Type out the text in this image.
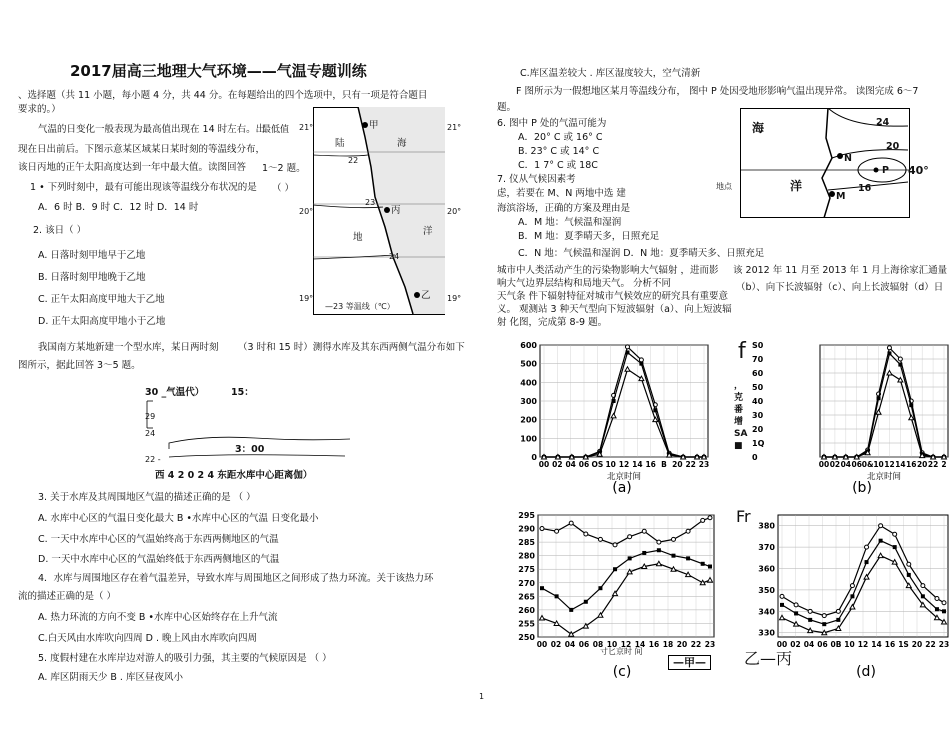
2017届高三地理大气环境——气温专题训练
、选择题（共 11 小题，每小题 4 分，共 44 分。在每题给出的四个选项中，只有一项是符合题目
要求的。）
气温的日变化一般表现为最高值出现在 14 时左右。出
最低值
现在日出前后。下图示意某区域某日某时刻的等温线分布，
该日丙地的正午太阳高度达到一年中最大值。读图回答 1～2 题。
1 • 下列时刻中，最有可能出现该等温线分布状况的是 （ ）
A．6 时 B．9 时 C．12 时 D．14 时
2. 该日（ ）
A. 日落时刻甲地早于乙地
B. 日落时刻甲地晚于乙地
C. 正午太阳高度甲地大于乙地
D. 正午太阳高度甲地小于乙地
我国南方某地新建一个型水库，某日两时刻 （3 时和 15 时）测得水库及其东西两侧气温分布如下
图所示，据此回答 3～5 题。
3. 关于水库及其周围地区气温的描述正确的是 （ ）
A. 水库中心区的气温日变化最大 B •水库中心区的气温 日变化最小
C. 一天中水库中心区的气温始终高于东西两侧地区的气温
D. 一天中水库中心区的气温始终低于东西两侧地区的气温
4．水库与周围地区存在着气温差异，导致水库与周围地区之间形成了热力环流。关于该热力环
流的描述正确的是（ ）
A. 热力环流的方向不变 B •水库中心区始终存在上升气流
C.白天风由水库吹向四周 D . 晚上风由水库吹向四周
5. 度假村建在水库岸边对游人的吸引力强，其主要的气候原因是 （ ）
A. 库区阴雨天少 B . 库区昼夜风小
21°
20°
19°
21°
20°
19°
陆	海
地
洋
甲
丙
乙
22
23
24
—23 等温线（℃）
30 _气温代）	15：
29
24
22 -
3：00
西 4 2 0 2 4 东距水库中心距离伽）
C.库区温差较大 . 库区湿度较大，空气清新
F 图所示为一假想地区某月等温线分布， 图中 P 处因受地形影响气温出现异常。 读图完成 6～7
题。
6. 图中 P 处的气温可能为
A．20° C 或 16° C
B. 23° C 或 14° C
C．1 7° C 或 18C
7. 仪从气候因素考
虑，若要在 M、N 两地中选 建
海滨浴场，正确的方案及理由是
A．M 地：气候温和湿润
B．M 地：夏季晴天多，日照充足
C．N 地：气候温和湿润 D．N 地：夏季晴天多、日照充足
城市中人类活动产生的污染物影响大气辐射 ，进而影
响大气边界层结构和局地天气。 分析不同
天气条 件下辐射特征对城市气候效应的研究具有重要意
义。 观测站 3 种天气型向下短波辐射（a）、向上短波辐
射 化图，完成第 8-9 题。
该 2012 年 11 月至 2013 年 1 月上海徐家汇通量
（b）、向下长波辐射（c）、向上长波辐射（d）日
海
洋
N
M
P
24
20
16
40°
地点
0
100
200
300
400
500
600
00 02 04 06 OS 10 12 14 16 B 20 22 23
北京时间
(a)
S0
70
60
50
40
30
20
1Q
0
00 02 04 06 0& 10 12 14 16 20 22 2
北京时间
(b)
250
255
260
265
270
275
280
285
290
295
00 02 04 06 08 10 12 14 16 18 20 22 23
(c)
330
340
350
360
370
380
00 02 04 06 0B 10 12 14 16 1S 20 22 23
(d)
f
，克番增 SA ■
Fr
寸匕京时 间
—甲—	乙—丙
1
